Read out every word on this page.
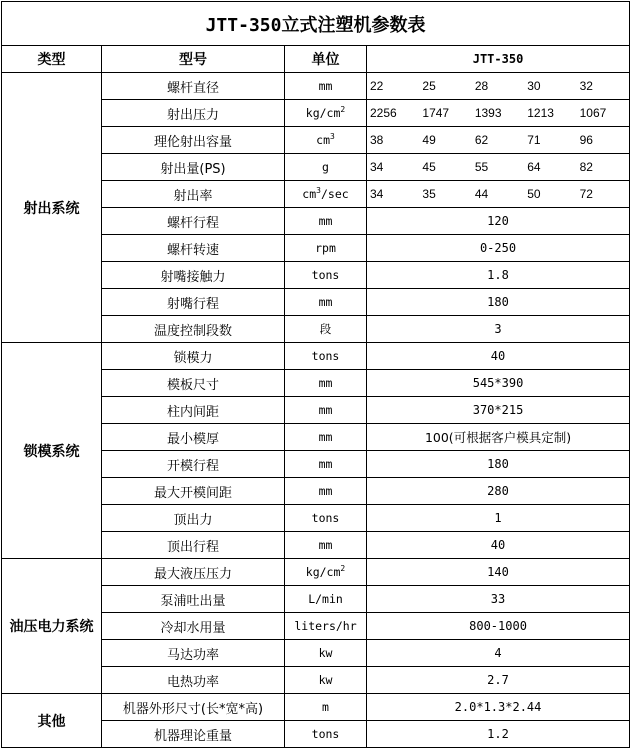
JTT-350立式注塑机参数表			
类型	型号	单位	JTT-350
射出系统	螺杆直径	mm	22 25 28 30 32

	射出压力	$kg/cm^2$	2256 1747 1393 1213 1067

	理伦射出容量	$cm^3$	38 49 62 71 96

	射出量(PS)	g	34 45 55 64 82

	射出率	$cm^3/\sec$	34 35 44 50 72

	螺杆行程	mm	120
	螺杆转速	rpm	0-250
	射嘴接触力	tons	1.8
	射嘴行程	mm	180
	温度控制段数	段	3
锁模系统	锁模力	tons	40
	模板尺寸	mm	545*390
	柱内间距	mm	370*215
	最小模厚	mm	100(可根据客户模具定制)
	开模行程	mm	180
	最大开模间距	mm	280
	顶出力	tons	1
	顶出行程	mm	40
油压电力系统	最大液压压力	$kg/cm^2$	140
	泵浦吐出量	L/min	33
	冷却水用量	liters/hr	800-1000
	马达功率	kw	4
	电热功率	kw	2.7
其他	机器外形尺寸(长*宽*高)	m	2.0*1.3*2.44
	机器理论重量	tons	1.2
